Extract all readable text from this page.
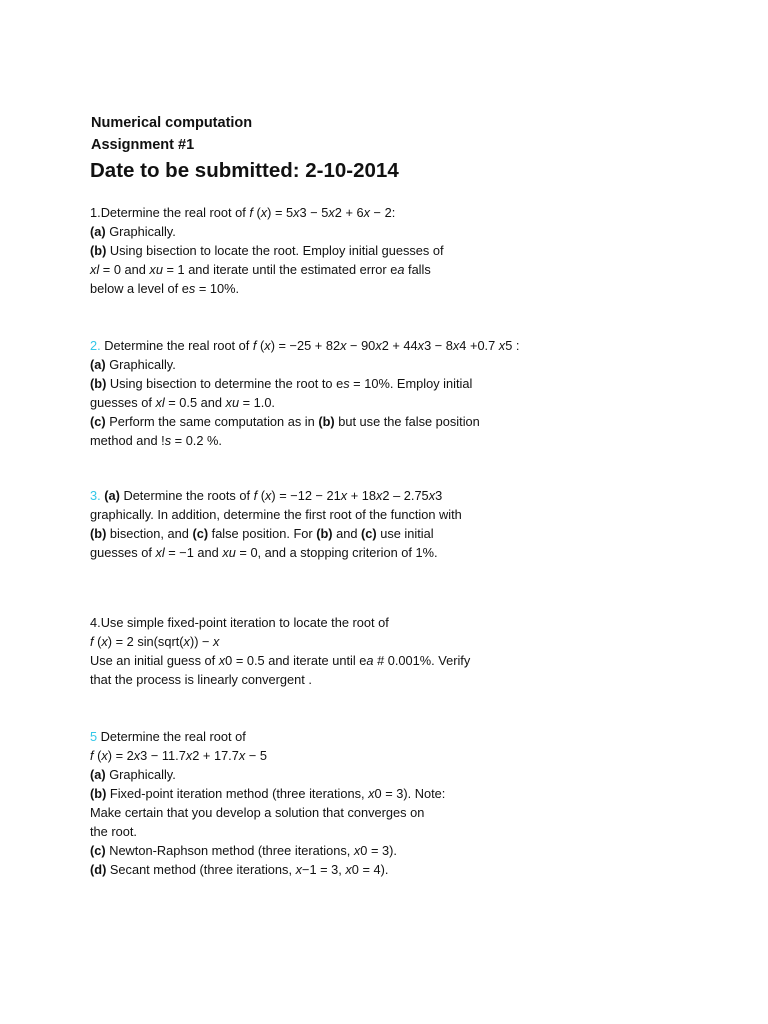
Numerical computation
Assignment #1
Date to be submitted: 2-10-2014
1.Determine the real root of f (x) = 5x3 − 5x2 + 6x − 2:
(a) Graphically.
(b) Using bisection to locate the root. Employ initial guesses of
xl = 0 and xu = 1 and iterate until the estimated error ea falls
below a level of es = 10%.
2. Determine the real root of f (x) = −25 + 82x − 90x2 + 44x3 − 8x4 +0.7 x5 :
(a) Graphically.
(b) Using bisection to determine the root to es = 10%. Employ initial
guesses of xl = 0.5 and xu = 1.0.
(c) Perform the same computation as in (b) but use the false position
method and !s = 0.2 %.
3. (a) Determine the roots of f (x) = −12 − 21x + 18x2 – 2.75x3
graphically. In addition, determine the first root of the function with
(b) bisection, and (c) false position. For (b) and (c) use initial
guesses of xl = −1 and xu = 0, and a stopping criterion of 1%.
4.Use simple fixed-point iteration to locate the root of
f (x) = 2 sin(sqrt(x)) − x
Use an initial guess of x0 = 0.5 and iterate until ea # 0.001%. Verify
that the process is linearly convergent .
5 Determine the real root of
f (x) = 2x3 − 11.7x2 + 17.7x − 5
(a) Graphically.
(b) Fixed-point iteration method (three iterations, x0 = 3). Note:
Make certain that you develop a solution that converges on
the root.
(c) Newton-Raphson method (three iterations, x0 = 3).
(d) Secant method (three iterations, x−1 = 3, x0 = 4).
